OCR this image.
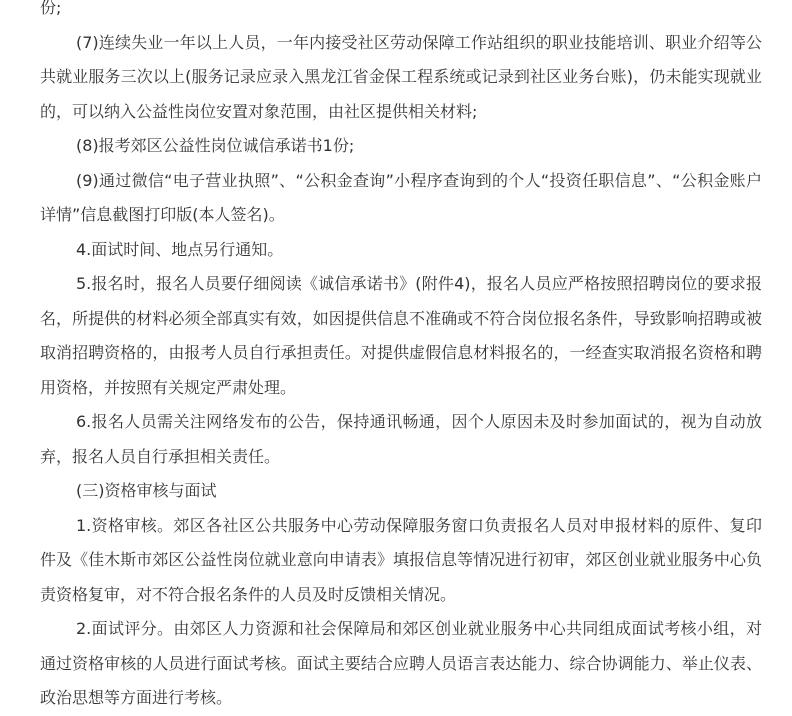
份;

(7)连续失业一年以上人员，一年内接受社区劳动保障工作站组织的职业技能培训、职业介绍等公共就业服务三次以上(服务记录应录入黑龙江省金保工程系统或记录到社区业务台账)，仍未能实现就业的，可以纳入公益性岗位安置对象范围，由社区提供相关材料;

(8)报考郊区公益性岗位诚信承诺书1份;

(9)通过微信“电子营业执照”、“公积金查询”小程序查询到的个人“投资任职信息”、“公积金账户详情”信息截图打印版(本人签名)。

4.面试时间、地点另行通知。

5.报名时，报名人员要仔细阅读《诚信承诺书》(附件4)，报名人员应严格按照招聘岗位的要求报名，所提供的材料必须全部真实有效，如因提供信息不准确或不符合岗位报名条件，导致影响招聘或被取消招聘资格的，由报考人员自行承担责任。对提供虚假信息材料报名的，一经查实取消报名资格和聘用资格，并按照有关规定严肃处理。

6.报名人员需关注网络发布的公告，保持通讯畅通，因个人原因未及时参加面试的，视为自动放弃，报名人员自行承担相关责任。

(三)资格审核与面试

1.资格审核。郊区各社区公共服务中心劳动保障服务窗口负责报名人员对申报材料的原件、复印件及《佳木斯市郊区公益性岗位就业意向申请表》填报信息等情况进行初审，郊区创业就业服务中心负责资格复审，对不符合报名条件的人员及时反馈相关情况。

2.面试评分。由郊区人力资源和社会保障局和郊区创业就业服务中心共同组成面试考核小组，对通过资格审核的人员进行面试考核。面试主要结合应聘人员语言表达能力、综合协调能力、举止仪表、政治思想等方面进行考核。
